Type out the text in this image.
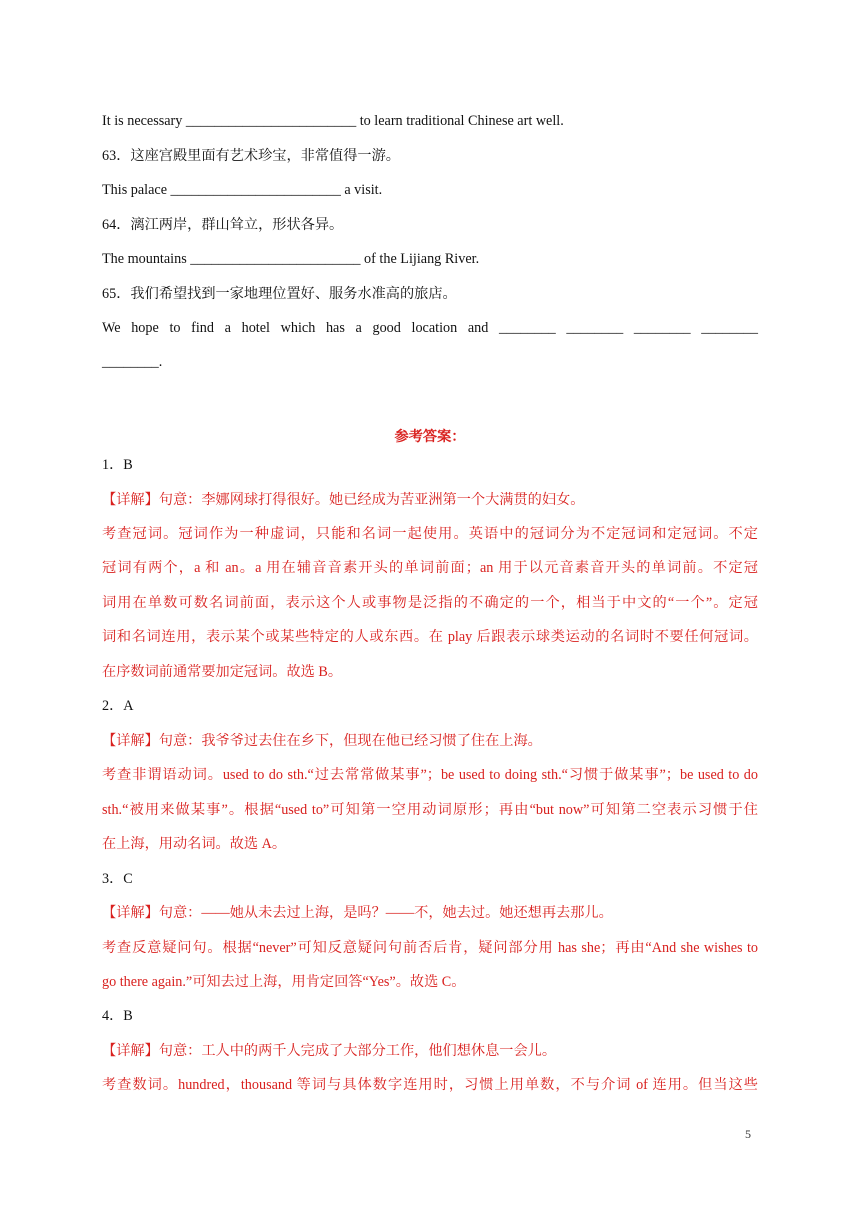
It is necessary ________________________ to learn traditional Chinese art well.
63．这座宫殿里面有艺术珍宝，非常值得一游。
This palace ________________________ a visit.
64．漓江两岸，群山耸立，形状各异。
The mountains ________________________ of the Lijiang River.
65．我们希望找到一家地理位置好、服务水准高的旅店。
We hope to find a hotel which has a good location and ________ ________ ________ ________
________.
参考答案：
1．B
【详解】句意：李娜网球打得很好。她已经成为苦亚洲第一个大满贯的妇女。
考查冠词。冠词作为一种虚词，只能和名词一起使用。英语中的冠词分为不定冠词和定冠词。不定
冠词有两个，a 和 an。a 用在辅音音素开头的单词前面；an 用于以元音素音开头的单词前。不定冠
词用在单数可数名词前面，表示这个人或事物是泛指的不确定的一个，相当于中文的“一个”。定冠
词和名词连用，表示某个或某些特定的人或东西。在 play 后跟表示球类运动的名词时不要任何冠词。
在序数词前通常要加定冠词。故选 B。
2．A
【详解】句意：我爷爷过去住在乡下，但现在他已经习惯了住在上海。
考查非谓语动词。used to do sth.“过去常常做某事”；be used to doing sth.“习惯于做某事”；be used to do
sth.“被用来做某事”。根据“used to”可知第一空用动词原形；再由“but now”可知第二空表示习惯于住
在上海，用动名词。故选 A。
3．C
【详解】句意：——她从未去过上海，是吗？——不，她去过。她还想再去那儿。
考查反意疑问句。根据“never”可知反意疑问句前否后肯，疑问部分用 has she；再由“And she wishes to
go there again.”可知去过上海，用肯定回答“Yes”。故选 C。
4．B
【详解】句意：工人中的两千人完成了大部分工作，他们想休息一会儿。
考查数词。hundred，thousand 等词与具体数字连用时，习惯上用单数，不与介词 of 连用。但当这些
5
